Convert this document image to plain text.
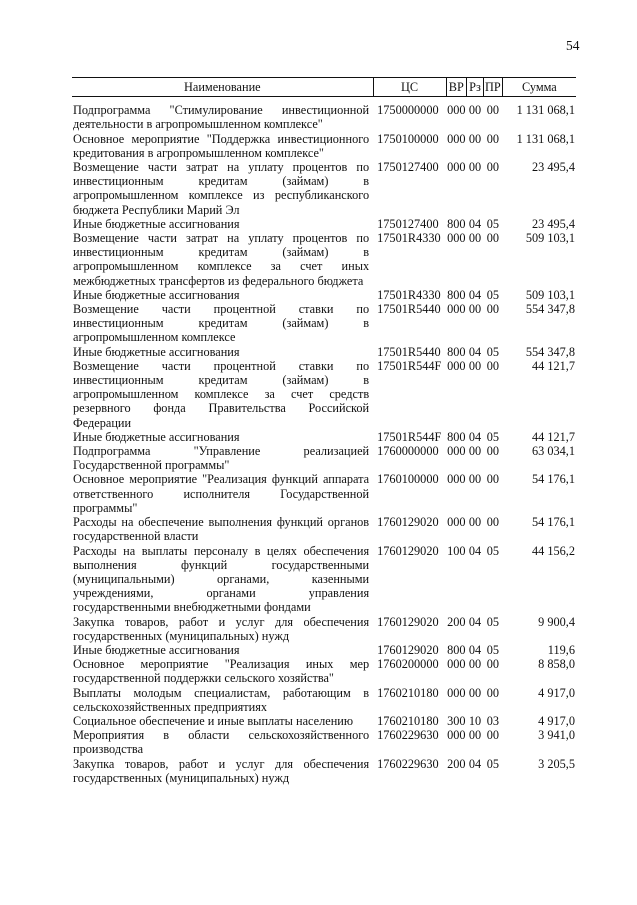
54
Наименование	ЦС	ВР	Рз	ПР	Сумма
Подпрограмма "Стимулирование инвестиционной деятельности в агропромышленном комплексе"	1750000000	000	00	00	1 131 068,1
Основное мероприятие "Поддержка инвестиционного кредитования в агропромышленном комплексе"	1750100000	000	00	00	1 131 068,1
Возмещение части затрат на уплату процентов по инвестиционным кредитам (займам) в агропромышленном комплексе из республиканского бюджета Республики Марий Эл	1750127400	000	00	00	23 495,4
Иные бюджетные ассигнования	1750127400	800	04	05	23 495,4
Возмещение части затрат на уплату процентов по инвестиционным кредитам (займам) в агропромышленном комплексе за счет иных межбюджетных трансфертов из федерального бюджета	17501R4330	000	00	00	509 103,1
Иные бюджетные ассигнования	17501R4330	800	04	05	509 103,1
Возмещение части процентной ставки по инвестиционным кредитам (займам) в агропромышленном комплексе	17501R5440	000	00	00	554 347,8
Иные бюджетные ассигнования	17501R5440	800	04	05	554 347,8
Возмещение части процентной ставки по инвестиционным кредитам (займам) в агропромышленном комплексе за счет средств резервного фонда Правительства Российской Федерации	17501R544F	000	00	00	44 121,7
Иные бюджетные ассигнования	17501R544F	800	04	05	44 121,7
Подпрограмма "Управление реализацией Государственной программы"	1760000000	000	00	00	63 034,1
Основное мероприятие "Реализация функций аппарата ответственного исполнителя Государственной программы"	1760100000	000	00	00	54 176,1
Расходы на обеспечение выполнения функций органов государственной власти	1760129020	000	00	00	54 176,1
Расходы на выплаты персоналу в целях обеспечения выполнения функций государственными (муниципальными) органами, казенными учреждениями, органами управления государственными внебюджетными фондами	1760129020	100	04	05	44 156,2
Закупка товаров, работ и услуг для обеспечения государственных (муниципальных) нужд	1760129020	200	04	05	9 900,4
Иные бюджетные ассигнования	1760129020	800	04	05	119,6
Основное мероприятие "Реализация иных мер государственной поддержки сельского хозяйства"	1760200000	000	00	00	8 858,0
Выплаты молодым специалистам, работающим в сельскохозяйственных предприятиях	1760210180	000	00	00	4 917,0
Социальное обеспечение и иные выплаты населению	1760210180	300	10	03	4 917,0
Мероприятия в области сельскохозяйственного производства	1760229630	000	00	00	3 941,0
Закупка товаров, работ и услуг для обеспечения государственных (муниципальных) нужд	1760229630	200	04	05	3 205,5
